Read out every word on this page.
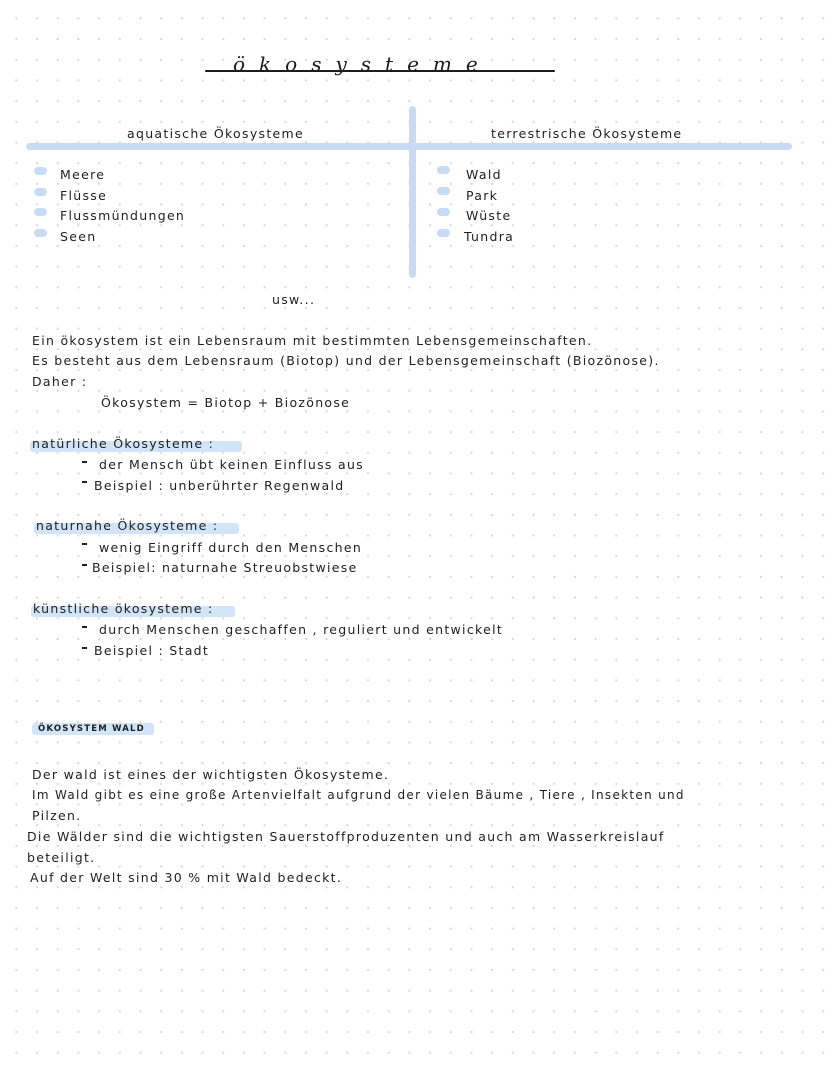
ökosysteme
aquatische Ökosysteme	terrestrische Ökosysteme
Meere
Flüsse
Flussmündungen
Seen
Wald
Park
Wüste
Tundra
usw...
Ein ökosystem ist ein Lebensraum mit bestimmten Lebensgemeinschaften.
Es besteht aus dem Lebensraum (Biotop) und der Lebensgemeinschaft (Biozönose).
Daher :
Ökosystem = Biotop + Biozönose
natürliche Ökosysteme :
der Mensch übt keinen Einfluss aus
Beispiel : unberührter Regenwald
naturnahe Ökosysteme :
wenig Eingriff durch den Menschen
Beispiel: naturnahe Streuobstwiese
künstliche ökosysteme :
durch Menschen geschaffen , reguliert und entwickelt
Beispiel : Stadt
ÖKOSYSTEM WALD
Der wald ist eines der wichtigsten Ökosysteme.
Im Wald gibt es eine große Artenvielfalt aufgrund der vielen Bäume , Tiere , Insekten und
Pilzen.
Die Wälder sind die wichtigsten Sauerstoffproduzenten und auch am Wasserkreislauf
beteiligt.
Auf der Welt sind 30 % mit Wald bedeckt.
